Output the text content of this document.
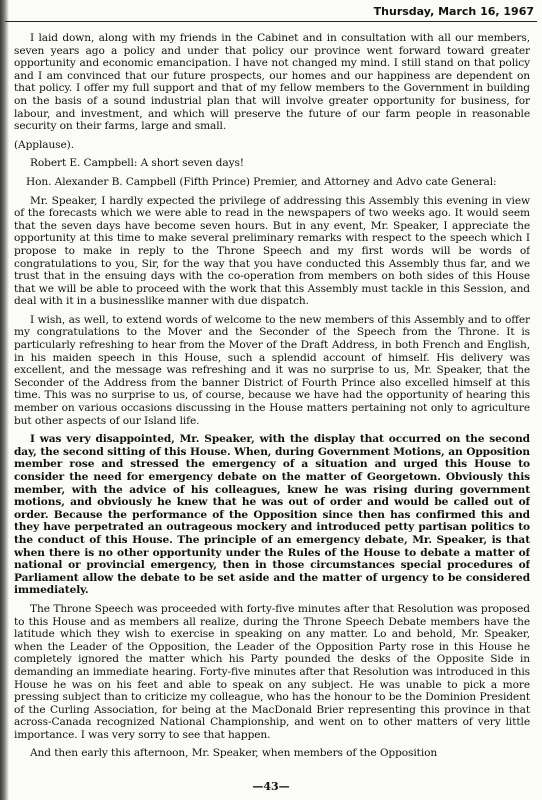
Thursday, March 16, 1967

I laid down, along with my friends in the Cabinet and in consultation with all our members, seven years ago a policy and under that policy our province went forward toward greater opportunity and economic emancipation. I have not changed my mind. I still stand on that policy and I am convinced that our future prospects, our homes and our happiness are dependent on that policy. I offer my full support and that of my fellow members to the Government in building on the basis of a sound industrial plan that will involve greater opportunity for business, for labour, and investment, and which will preserve the future of our farm people in reasonable security on their farms, large and small.

(Applause).

Robert E. Campbell: A short seven days!

Hon. Alexander B. Campbell (Fifth Prince) Premier, and Attorney and Advo cate General:

Mr. Speaker, I hardly expected the privilege of addressing this Assembly this evening in view of the forecasts which we were able to read in the newspapers of two weeks ago. It would seem that the seven days have become seven hours. But in any event, Mr. Speaker, I appreciate the opportunity at this time to make several preliminary remarks with respect to the speech which I propose to make in reply to the Throne Speech and my first words will be words of congratulations to you, Sir, for the way that you have conducted this Assembly thus far, and we trust that in the ensuing days with the co-operation from members on both sides of this House that we will be able to proceed with the work that this Assembly must tackle in this Session, and deal with it in a businesslike manner with due dispatch.

I wish, as well, to extend words of welcome to the new members of this Assembly and to offer my congratulations to the Mover and the Seconder of the Speech from the Throne. It is particularly refreshing to hear from the Mover of the Draft Address, in both French and English, in his maiden speech in this House, such a splendid account of himself. His delivery was excellent, and the message was refreshing and it was no surprise to us, Mr. Speaker, that the Seconder of the Address from the banner District of Fourth Prince also excelled himself at this time. This was no surprise to us, of course, because we have had the opportunity of hearing this member on various occasions discussing in the House matters pertaining not only to agriculture but other aspects of our Island life.

I was very disappointed, Mr. Speaker, with the display that occurred on the second day, the second sitting of this House. When, during Government Motions, an Opposition member rose and stressed the emergency of a situation and urged this House to consider the need for emergency debate on the matter of Georgetown. Obviously this member, with the advice of his colleagues, knew he was rising during government motions, and obviously he knew that he was out of order and would be called out of order. Because the performance of the Opposition since then has confirmed this and they have perpetrated an outrageous mockery and introduced petty partisan politics to the conduct of this House. The principle of an emergency debate, Mr. Speaker, is that when there is no other opportunity under the Rules of the House to debate a matter of national or provincial emergency, then in those circumstances special procedures of Parliament allow the debate to be set aside and the matter of urgency to be considered immediately.

The Throne Speech was proceeded with forty-five minutes after that Resolution was proposed to this House and as members all realize, during the Throne Speech Debate members have the latitude which they wish to exercise in speaking on any matter. Lo and behold, Mr. Speaker, when the Leader of the Opposition, the Leader of the Opposition Party rose in this House he completely ignored the matter which his Party pounded the desks of the Opposite Side in demanding an immediate hearing. Forty-five minutes after that Resolution was introduced in this House he was on his feet and able to speak on any subject. He was unable to pick a more pressing subject than to criticize my colleague, who has the honour to be the Dominion President of the Curling Association, for being at the MacDonald Brier representing this province in that across-Canada recognized National Championship, and went on to other matters of very little importance. I was very sorry to see that happen.

And then early this afternoon, Mr. Speaker, when members of the Opposition

—43—
